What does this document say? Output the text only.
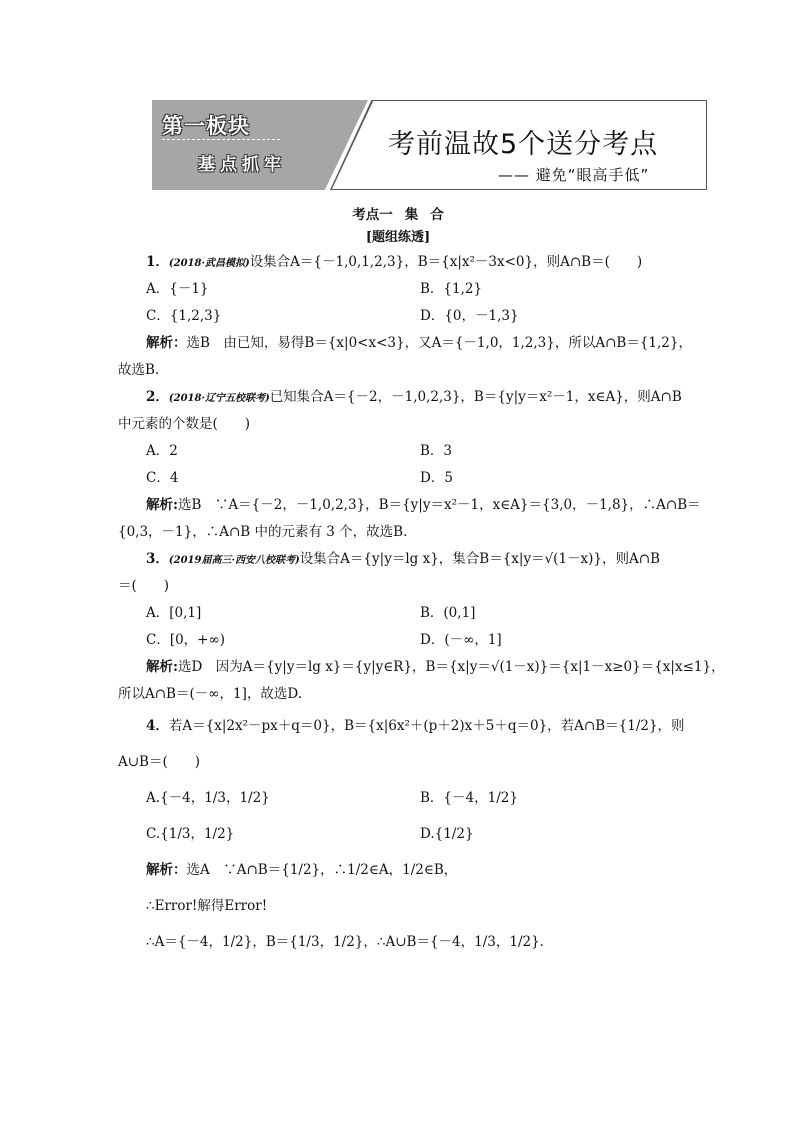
第一板块
基点抓牢
考前温故5个送分考点
—— 避免“眼高手低”
考点一 集 合
[题组练透]
1．(2018·武昌模拟)设集合A＝{－1,0,1,2,3}，B＝{x|x²－3x<0}，则A∩B＝(　　)
A．{－1}	B．{1,2}
C．{1,2,3}	D．{0，－1,3}
解析：选B　由已知，易得B＝{x|0<x<3}，又A＝{－1,0，1,2,3}，所以A∩B＝{1,2}，
故选B.
2．(2018·辽宁五校联考)已知集合A＝{－2，－1,0,2,3}，B＝{y|y＝x²－1，x∈A}，则A∩B
中元素的个数是(　　)
A．2	B．3
C．4	D．5
解析:选B　∵A＝{－2，－1,0,2,3}，B＝{y|y＝x²－1，x∈A}＝{3,0，－1,8}，∴A∩B＝
{0,3，－1}，∴A∩B 中的元素有 3 个，故选B.
3．(2019届高三·西安八校联考)设集合A＝{y|y＝lg x}，集合B＝{x|y＝√(1－x)}，则A∩B
＝(　　)
A．[0,1]	B．(0,1]
C．[0，+∞)	D．(－∞，1]
解析:选D　因为A＝{y|y＝lg x}＝{y|y∈R}，B＝{x|y＝√(1－x)}＝{x|1－x≥0}＝{x|x≤1}，
所以A∩B＝(－∞，1]，故选D.
4．若A＝{x|2x²－px＋q＝0}，B＝{x|6x²＋(p＋2)x＋5＋q＝0}，若A∩B＝{1/2}，则
A∪B＝(　　)
A.{－4，1/3，1/2}	B．{－4，1/2}
C.{1/3，1/2}	D.{1/2}
解析：选A　∵A∩B＝{1/2}，∴1/2∈A，1/2∈B，
∴Error!解得Error!
∴A＝{－4，1/2}，B＝{1/3，1/2}，∴A∪B＝{－4，1/3，1/2}.
